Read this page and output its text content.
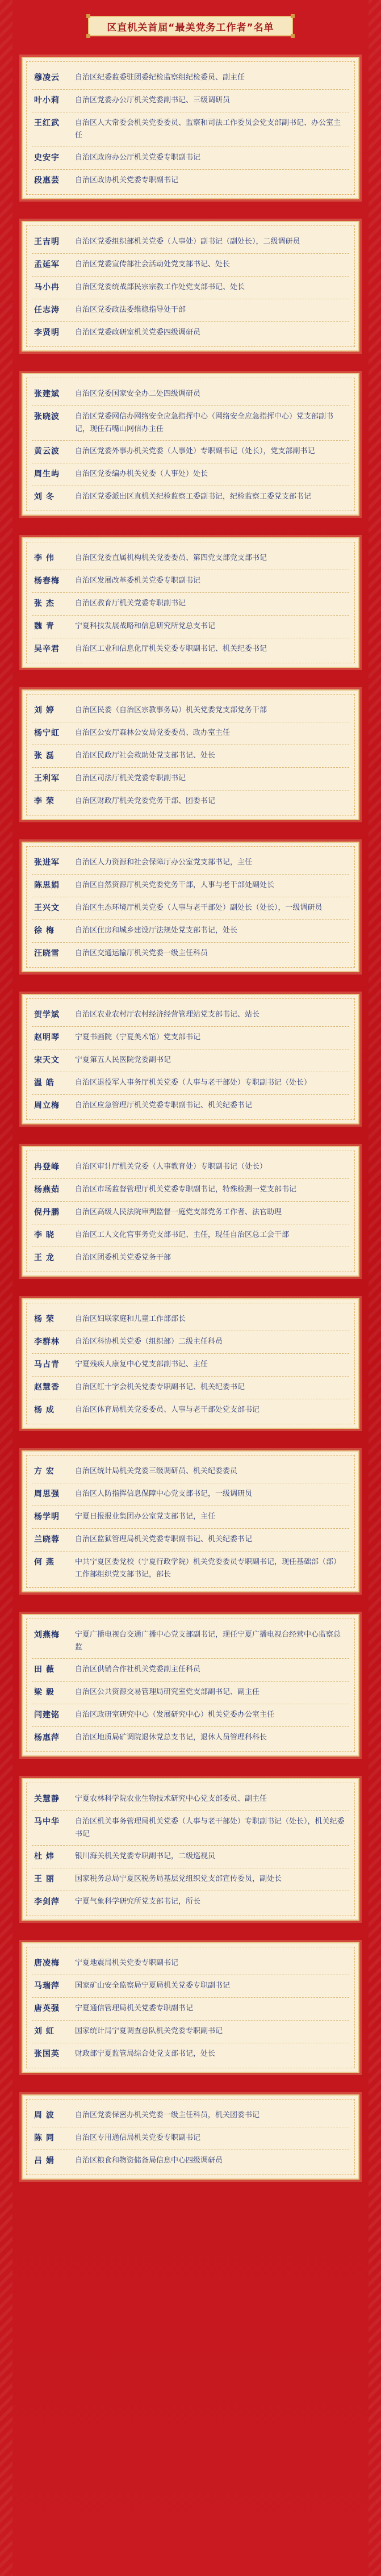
区直机关首届“最美党务工作者”名单
穆凌云	自治区纪委监委驻团委纪检监察组纪检委员、副主任
叶小莉	自治区党委办公厅机关党委副书记、三级调研员
王红武	自治区人大常委会机关党委委员、监察和司法工作委员会党支部副书记、办公室主任
史安宇	自治区政府办公厅机关党委专职副书记
段惠芸	自治区政协机关党委专职副书记
王吉明	自治区党委组织部机关党委（人事处）副书记（副处长），二级调研员
孟延军	自治区党委宣传部社会活动处党支部书记、处长
马小冉	自治区党委统战部民宗宗教工作处党支部书记、处长
任志涛	自治区党委政法委维稳指导处干部
李贤明	自治区党委政研室机关党委四级调研员
张建斌	自治区党委国家安全办二处四级调研员
张晓波	自治区党委网信办网络安全应急指挥中心（网络安全应急指挥中心）党支部副书记，现任石嘴山网信办主任
黄云波	自治区党委外事办机关党委（人事处）专职副书记（处长），党支部副书记
周生屿	自治区党委编办机关党委（人事处）处长
刘 冬	自治区党委派出区直机关纪检监察工委副书记，纪检监察工委党支部书记
李 伟	自治区党委直属机构机关党委委员、第四党支部党支部书记
杨春梅	自治区发展改革委机关党委专职副书记
张 杰	自治区教育厅机关党委专职副书记
魏 青	宁夏科技发展战略和信息研究所党总支书记
吴辛君	自治区工业和信息化厅机关党委专职副书记、机关纪委书记
刘 婷	自治区民委（自治区宗教事务局）机关党委党支部党务干部
杨宁虹	自治区公安厅森林公安局党委委员、政办室主任
张 磊	自治区民政厅社会救助处党支部书记、处长
王利军	自治区司法厅机关党委专职副书记
李 荣	自治区财政厅机关党委党务干部、团委书记
张进军	自治区人力资源和社会保障厅办公室党支部书记，主任
陈思娟	自治区自然资源厅机关党委党务干部，人事与老干部处副处长
王兴文	自治区生态环境厅机关党委（人事与老干部处）副处长（处长），一级调研员
徐 梅	自治区住房和城乡建设厅法规处党支部书记，处长
汪晓雪	自治区交通运输厅机关党委一级主任科员
贺学斌	自治区农业农村厅农村经济经营管理站党支部书记、站长
赵明琴	宁夏书画院（宁夏美术馆）党支部书记
宋天文	宁夏第五人民医院党委副书记
温 皓	自治区退役军人事务厅机关党委（人事与老干部处）专职副书记（处长）
周立梅	自治区应急管理厅机关党委专职副书记、机关纪委书记
冉登峰	自治区审计厅机关党委（人事教育处）专职副书记（处长）
杨燕茹	自治区市场监督管理厅机关党委专职副书记，特殊检测一党支部书记
倪丹鹏	自治区高级人民法院审判监督一庭党支部党务工作者、法官助理
李 晓	自治区工人文化宫事务党支部书记、主任，现任自治区总工会干部
王 龙	自治区团委机关党委党务干部
杨 荣	自治区妇联家庭和儿童工作部部长
李群林	自治区科协机关党委（组织部）二级主任科员
马占青	宁夏残疾人康复中心党支部副书记、主任
赵慧香	自治区红十字会机关党委专职副书记、机关纪委书记
杨 成	自治区体育局机关党委委员、人事与老干部处党支部书记
方 宏	自治区统计局机关党委三级调研员、机关纪委委员
周思强	自治区人防指挥信息保障中心党支部书记，一级调研员
杨学明	宁夏日报报业集团办公室党支部书记，主任
兰晓蓉	自治区监狱管理局机关党委专职副书记、机关纪委书记
何 燕	中共宁夏区委党校（宁夏行政学院）机关党委委员专职副书记，现任基础部（部）工作部组织党支部书记，部长
刘燕梅	宁夏广播电视台交通广播中心党支部副书记，现任宁夏广播电视台经营中心监察总监
田 薇	自治区供销合作社机关党委副主任科员
梁 毅	自治区公共资源交易管理局研究室党支部副书记、副主任
闫建铭	自治区政研室研究中心（发展研究中心）机关党委办公室主任
杨惠萍	自治区地质局矿调院退休党总支书记，退休人员管理科科长
关慧静	宁夏农林科学院农业生物技术研究中心党支部委员、副主任
马中华	自治区机关事务管理局机关党委（人事与老干部处）专职副书记（处长），机关纪委书记
杜 炜	银川海关机关党委专职副书记，二级巡视员
王 丽	国家税务总局宁夏区税务局基层党组织党支部宣传委员，副处长
李剑萍	宁夏气象科学研究所党支部书记，所长
唐凌梅	宁夏地震局机关党委专职副书记
马瑞萍	国家矿山安全监察局宁夏局机关党委专职副书记
唐英强	宁夏通信管理局机关党委专职副书记
刘 虹	国家统计局宁夏调查总队机关党委专职副书记
张国英	财政部宁夏监管局综合处党支部书记，处长
周 波	自治区党委保密办机关党委一级主任科员，机关团委书记
陈 同	自治区专用通信局机关党委专职副书记
吕 娟	自治区粮食和物资储备局信息中心四级调研员
